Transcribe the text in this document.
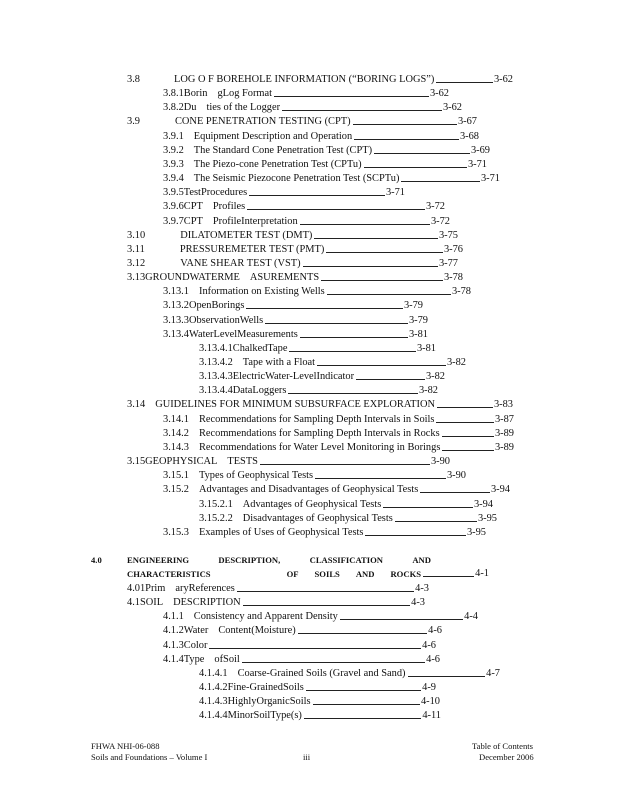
3.8	LOG O F BOREHOLE INFORMATION (“BORING LOGS”)	3-62
3.8.1Borin gLog Format	3-62
3.8.2Du ties of the Logger	3-62
3.9	CONE PENETRATION TESTING (CPT)	3-67
3.9.1 Equipment Description and Operation	3-68
3.9.2 The Standard Cone Penetration Test (CPT)	3-69
3.9.3 The Piezo-cone Penetration Test (CPTu)	3-71
3.9.4 The Seismic Piezocone Penetration Test (SCPTu)	3-71
3.9.5TestProcedures	3-71
3.9.6CPT Profiles	3-72
3.9.7CPT ProfileInterpretation	3-72
3.10	DILATOMETER TEST (DMT)	3-75
3.11	PRESSUREMETER TEST (PMT)	3-76
3.12	VANE SHEAR TEST (VST)	3-77
3.13GROUNDWATERME ASUREMENTS	3-78
3.13.1 Information on Existing Wells	3-78
3.13.2OpenBorings	3-79
3.13.3ObservationWells	3-79
3.13.4WaterLevelMeasurements	3-81
3.13.4.1ChalkedTape	3-81
3.13.4.2 Tape with a Float	3-82
3.13.4.3ElectricWater-LevelIndicator	3-82
3.13.4.4DataLoggers	3-82
3.14 GUIDELINES FOR MINIMUM SUBSURFACE EXPLORATION	3-83
3.14.1 Recommendations for Sampling Depth Intervals in Soils	3-87
3.14.2 Recommendations for Sampling Depth Intervals in Rocks	3-89
3.14.3 Recommendations for Water Level Monitoring in Borings	3-89
3.15GEOPHYSICAL TESTS	3-90
3.15.1 Types of Geophysical Tests	3-90
3.15.2 Advantages and Disadvantages of Geophysical Tests	3-94
3.15.2.1 Advantages of Geophysical Tests	3-94
3.15.2.2 Disadvantages of Geophysical Tests	3-95
3.15.3 Examples of Uses of Geophysical Tests	3-95
4.0	ENGINEERING	DESCRIPTION,	CLASSIFICATION	AND
CHARACTERISTICS	OF SOILS AND ROCKS	4-1
4.01Prim aryReferences	4-3
4.1SOIL DESCRIPTION	4-3
4.1.1 Consistency and Apparent Density	4-4
4.1.2Water Content(Moisture)	4-6
4.1.3Color	4-6
4.1.4Type ofSoil	4-6
4.1.4.1 Coarse-Grained Soils (Gravel and Sand)	4-7
4.1.4.2Fine-GrainedSoils	4-9
4.1.4.3HighlyOrganicSoils	4-10
4.1.4.4MinorSoilType(s)	4-11
FHWA NHI-06-088
Soils and Foundations – Volume I	iii
Table of Contents
December 2006
